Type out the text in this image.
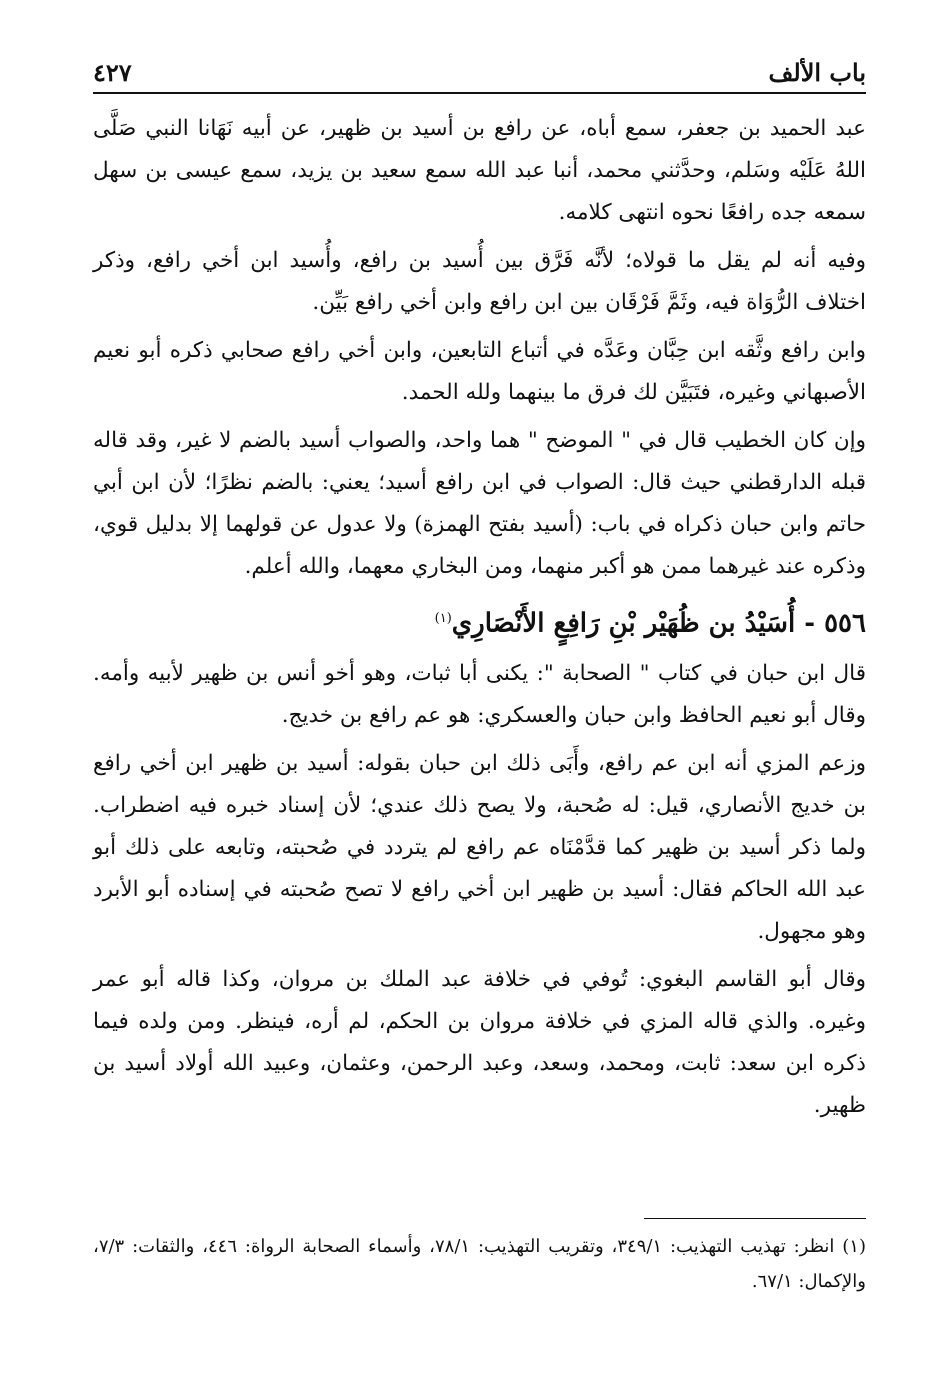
باب الألف
٤٢٧

عبد الحميد بن جعفر، سمع أباه، عن رافع بن أسيد بن ظهير، عن أبيه نَهَانا النبي صَلَّى اللهُ عَلَيْه وسَلم، وحدَّثني محمد، أنبا عبد الله سمع سعيد بن يزيد، سمع عيسى بن سهل سمعه جده رافعًا نحوه انتهى كلامه.

وفيه أنه لم يقل ما قولاه؛ لأنَّه فَرَّق بين أُسيد بن رافع، وأُسيد ابن أخي رافع، وذكر اختلاف الرُّوَاة فيه، وثَمَّ فَرْقَان بين ابن رافع وابن أخي رافع بَيِّن.

وابن رافع وثَّقه ابن حِبَّان وعَدَّه في أتباع التابعين، وابن أخي رافع صحابي ذكره أبو نعيم الأصبهاني وغيره، فتَبَيَّن لك فرق ما بينهما ولله الحمد.

وإن كان الخطيب قال في " الموضح " هما واحد، والصواب أسيد بالضم لا غير، وقد قاله قبله الدارقطني حيث قال: الصواب في ابن رافع أسيد؛ يعني: بالضم نظرًا؛ لأن ابن أبي حاتم وابن حبان ذكراه في باب: (أسيد بفتح الهمزة) ولا عدول عن قولهما إلا بدليل قوي، وذكره عند غيرهما ممن هو أكبر منهما، ومن البخاري معهما، والله أعلم.

٥٥٦ - أُسَيْدُ بن ظُهَيْر بْنِ رَافِعٍ الأَنْصَارِي$^{(١)}$

قال ابن حبان في كتاب " الصحابة ": يكنى أبا ثبات، وهو أخو أنس بن ظهير لأبيه وأمه. وقال أبو نعيم الحافظ وابن حبان والعسكري: هو عم رافع بن خديج.

وزعم المزي أنه ابن عم رافع، وأَبَى ذلك ابن حبان بقوله: أسيد بن ظهير ابن أخي رافع بن خديج الأنصاري، قيل: له صُحبة، ولا يصح ذلك عندي؛ لأن إسناد خبره فيه اضطراب. ولما ذكر أسيد بن ظهير كما قدَّمْنَاه عم رافع لم يتردد في صُحبته، وتابعه على ذلك أبو عبد الله الحاكم فقال: أسيد بن ظهير ابن أخي رافع لا تصح صُحبته في إسناده أبو الأبرد وهو مجهول.

وقال أبو القاسم البغوي: تُوفي في خلافة عبد الملك بن مروان، وكذا قاله أبو عمر وغيره. والذي قاله المزي في خلافة مروان بن الحكم، لم أره، فينظر. ومن ولده فيما ذكره ابن سعد: ثابت، ومحمد، وسعد، وعبد الرحمن، وعثمان، وعبيد الله أولاد أسيد بن ظهير.

(١) انظر: تهذيب التهذيب: ٣٤٩/١، وتقريب التهذيب: ٧٨/١، وأسماء الصحابة الرواة: ٤٤٦، والثقات: ٧/٣، والإكمال: ٦٧/١.
